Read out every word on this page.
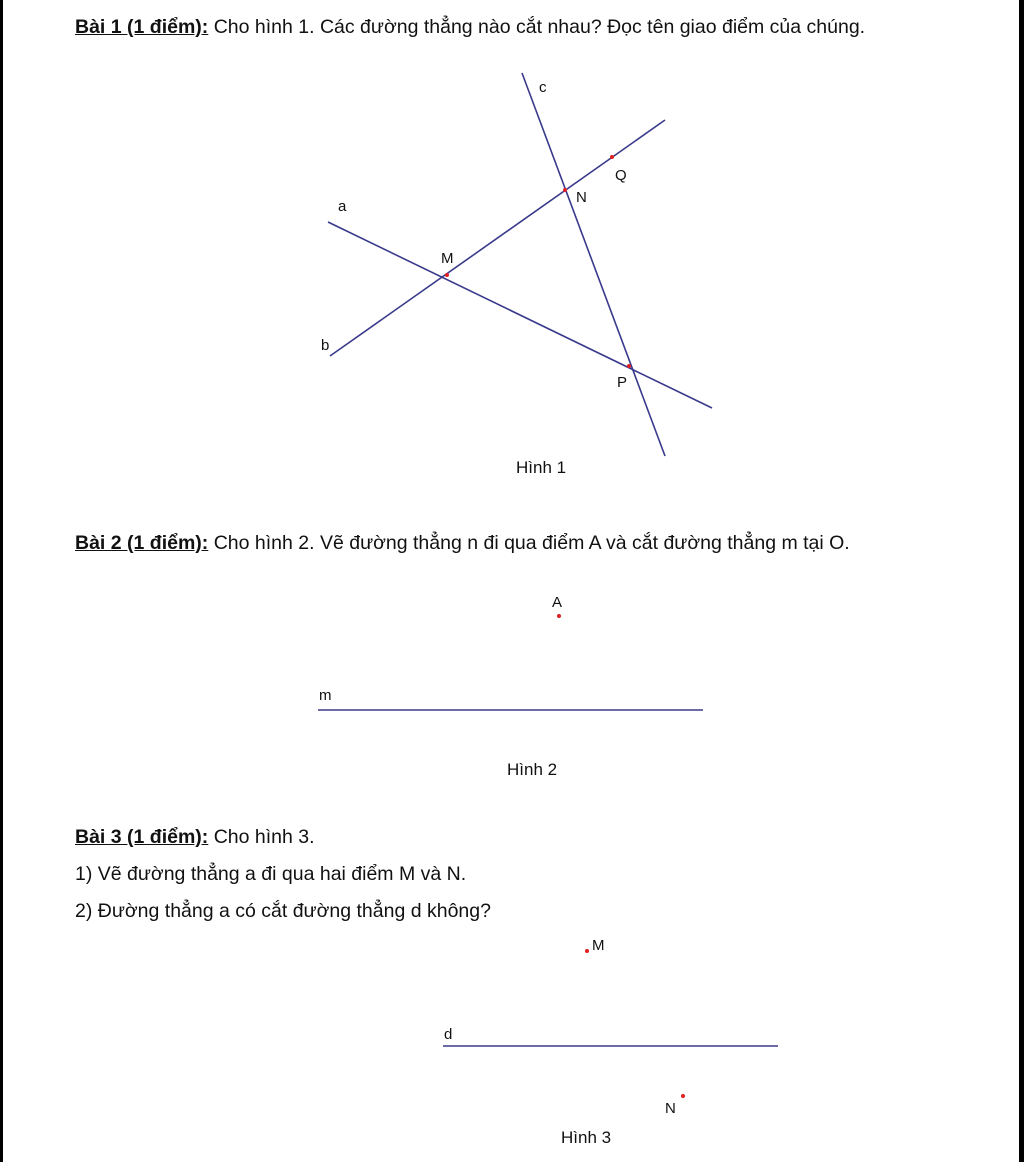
Bài 1 (1 điểm): Cho hình 1. Các đường thẳng nào cắt nhau? Đọc tên giao điểm của chúng.
c
a
b
M
N
P
Q
Hình 1
Bài 2 (1 điểm): Cho hình 2. Vẽ đường thẳng n đi qua điểm A và cắt đường thẳng m tại O.
A
m
Hình 2
Bài 3 (1 điểm): Cho hình 3.
1) Vẽ đường thẳng a đi qua hai điểm M và N.
2) Đường thẳng a có cắt đường thẳng d không?
M
d
N
Hình 3
